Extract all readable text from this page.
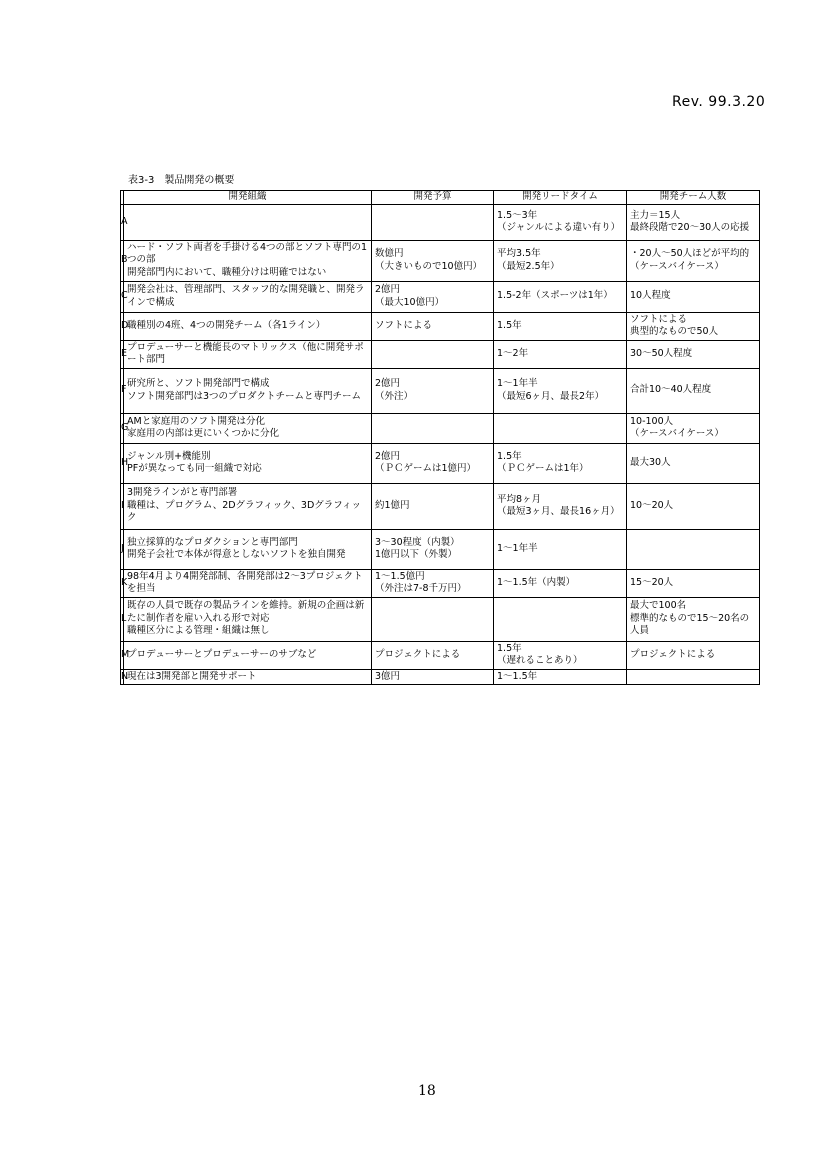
Rev. 99.3.20
表3-3　製品開発の概要
	開発組織	開発予算	開発リードタイム	開発チーム人数
A			1.5～3年
（ジャンルによる違い有り）	主力＝15人
最終段階で20～30人の応援
B	ハード・ソフト両者を手掛ける4つの部とソフト専門の1つの部
開発部門内において、職種分けは明確ではない	数億円
（大きいもので10億円）	平均3.5年
（最短2.5年）	・20人～50人ほどが平均的
（ケースバイケース）
C	開発会社は、管理部門、スタッフ的な開発職と、開発ラインで構成	2億円
（最大10億円）	1.5-2年（スポーツは1年）	10人程度
D	職種別の4班、4つの開発チーム（各1ライン）	ソフトによる	1.5年	ソフトによる
典型的なもので50人
E	プロデューサーと機能長のマトリックス（他に開発サポート部門		1～2年	30～50人程度
F	研究所と、ソフト開発部門で構成
ソフト開発部門は3つのプロダクトチームと専門チーム	2億円
（外注）	1～1年半
（最短6ヶ月、最長2年）	合計10～40人程度
G	AMと家庭用のソフト開発は分化
家庭用の内部は更にいくつかに分化			10-100人
（ケースバイケース）
H	ジャンル別+機能別
PFが異なっても同一組織で対応	2億円
（ＰＣゲームは1億円）	1.5年
（ＰＣゲームは1年）	最大30人
I	3開発ラインがと専門部署
職種は、プログラム、2Dグラフィック、3Dグラフィック	約1億円	平均8ヶ月
（最短3ヶ月、最長16ヶ月）	10～20人
J	独立採算的なプロダクションと専門部門
開発子会社で本体が得意としないソフトを独自開発	3～30程度（内製）
1億円以下（外製）	1～1年半	
K	98年4月より4開発部制、各開発部は2～3プロジェクトを担当	1～1.5億円
（外注は7-8千万円）	1～1.5年（内製）	15～20人
L	既存の人員で既存の製品ラインを維持。新規の企画は新たに制作者を雇い入れる形で対応
職種区分による管理・組織は無し			最大で100名
標準的なもので15～20名の人員
M	プロデューサーとプロデューサーのサブなど	プロジェクトによる	1.5年
（遅れることあり）	プロジェクトによる
N	現在は3開発部と開発サポート	3億円	1～1.5年	
18
